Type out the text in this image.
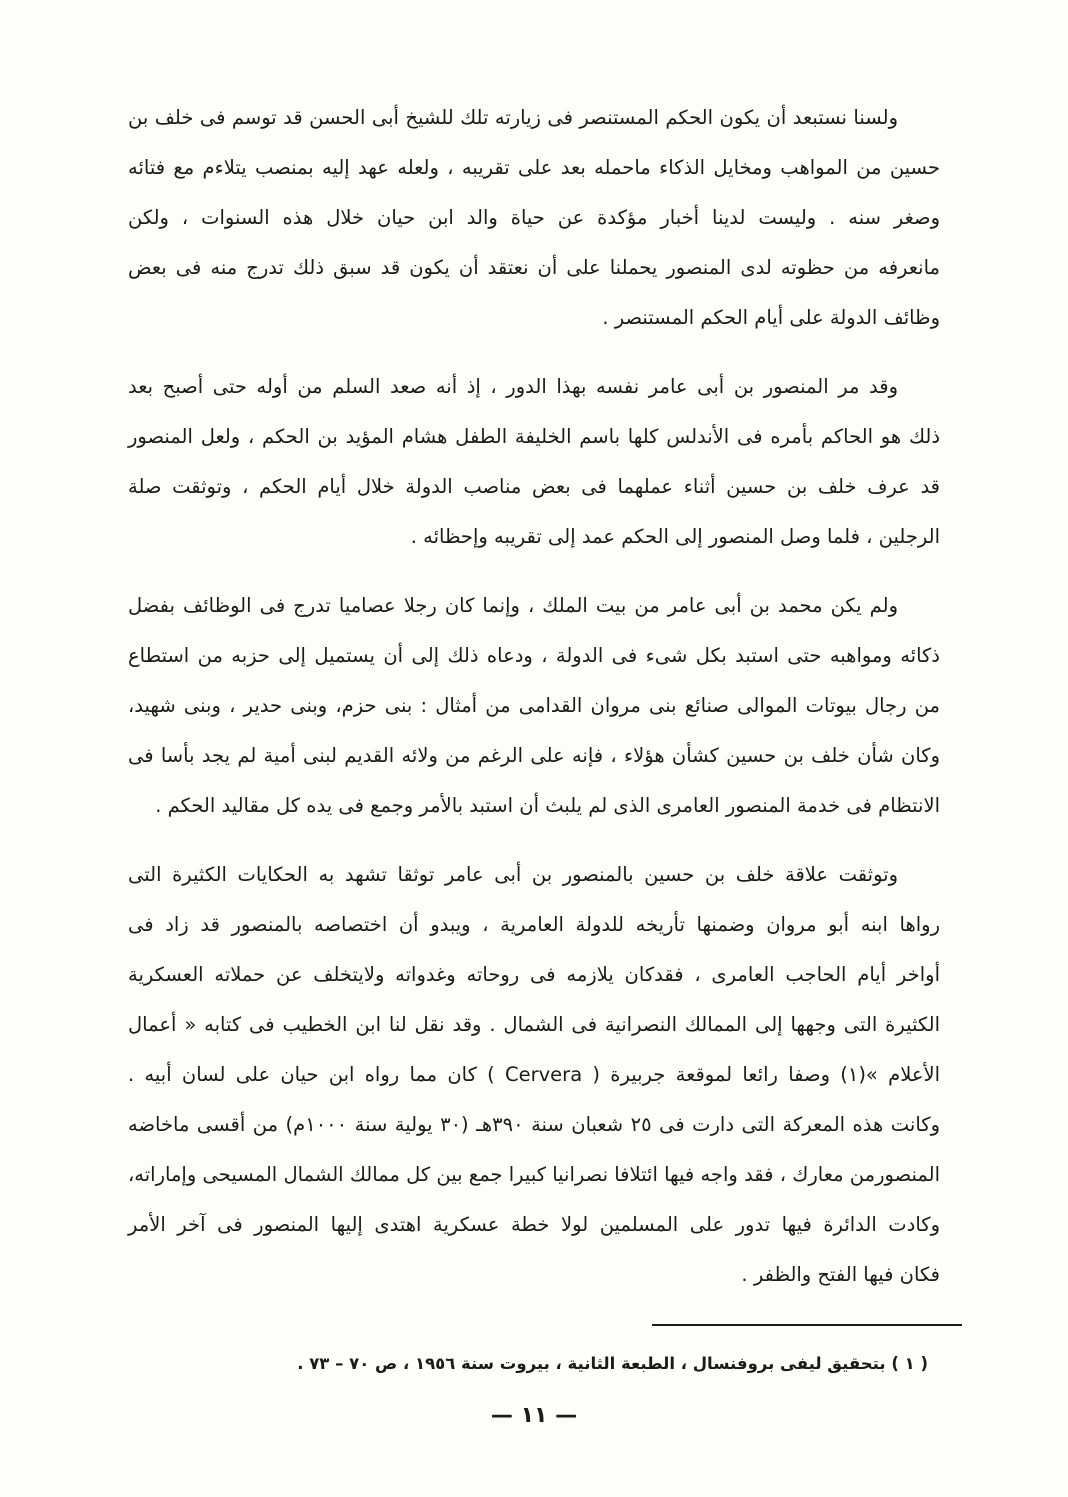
ولسنا نستبعد أن يكون الحكم المستنصر فى زيارته تلك للشيخ أبى الحسن قد توسم فى خلف بن
حسين من المواهب ومخايل الذكاء ماحمله بعد على تقريبه ، ولعله عهد إليه بمنصب يتلاءم مع فتائه
وصغر سنه . وليست لدينا أخبار مؤكدة عن حياة والد ابن حيان خلال هذه السنوات ، ولكن
مانعرفه من حظوته لدى المنصور يحملنا على أن نعتقد أن يكون قد سبق ذلك تدرج منه فى بعض
وظائف الدولة على أيام الحكم المستنصر .
وقد مر المنصور بن أبى عامر نفسه بهذا الدور ، إذ أنه صعد السلم من أوله حتى أصبح بعد
ذلك هو الحاكم بأمره فى الأندلس كلها باسم الخليفة الطفل هشام المؤيد بن الحكم ، ولعل المنصور
قد عرف خلف بن حسين أثناء عملهما فى بعض مناصب الدولة خلال أيام الحكم ، وتوثقت صلة
الرجلين ، فلما وصل المنصور إلى الحكم عمد إلى تقريبه وإحظائه .
ولم يكن محمد بن أبى عامر من بيت الملك ، وإنما كان رجلا عصاميا تدرج فى الوظائف بفضل
ذكائه ومواهبه حتى استبد بكل شىء فى الدولة ، ودعاه ذلك إلى أن يستميل إلى حزبه من استطاع
من رجال بيوتات الموالى صنائع بنى مروان القدامى من أمثال : بنى حزم، وبنى حدير ، وبنى شهيد،
وكان شأن خلف بن حسين كشأن هؤلاء ، فإنه على الرغم من ولائه القديم لبنى أمية لم يجد بأسا فى
الانتظام فى خدمة المنصور العامرى الذى لم يلبث أن استبد بالأمر وجمع فى يده كل مقاليد الحكم .
وتوثقت علاقة خلف بن حسين بالمنصور بن أبى عامر توثقا تشهد به الحكايات الكثيرة التى
رواها ابنه أبو مروان وضمنها تأريخه للدولة العامرية ، ويبدو أن اختصاصه بالمنصور قد زاد فى
أواخر أيام الحاجب العامرى ، فقدكان يلازمه فى روحاته وغدواته ولايتخلف عن حملاته العسكرية
الكثيرة التى وجهها إلى الممالك النصرانية فى الشمال . وقد نقل لنا ابن الخطيب فى كتابه « أعمال
الأعلام »(١) وصفا رائعا لموقعة جربيرة ( Cervera ) كان مما رواه ابن حيان على لسان أبيه .
وكانت هذه المعركة التى دارت فى ٢٥ شعبان سنة ٣٩٠هـ (٣٠ يولية سنة ١٠٠٠م) من أقسى ماخاضه
المنصورمن معارك ، فقد واجه فيها ائتلافا نصرانيا كبيرا جمع بين كل ممالك الشمال المسيحى وإماراته،
وكادت الدائرة فيها تدور على المسلمين لولا خطة عسكرية اهتدى إليها المنصور فى آخر الأمر
فكان فيها الفتح والظفر .
( ١ ) بتحقيق ليفى بروفنسال ، الطبعة الثانية ، بيروت سنة ١٩٥٦ ، ص ٧٠ – ٧٣ .
— ١١ —
